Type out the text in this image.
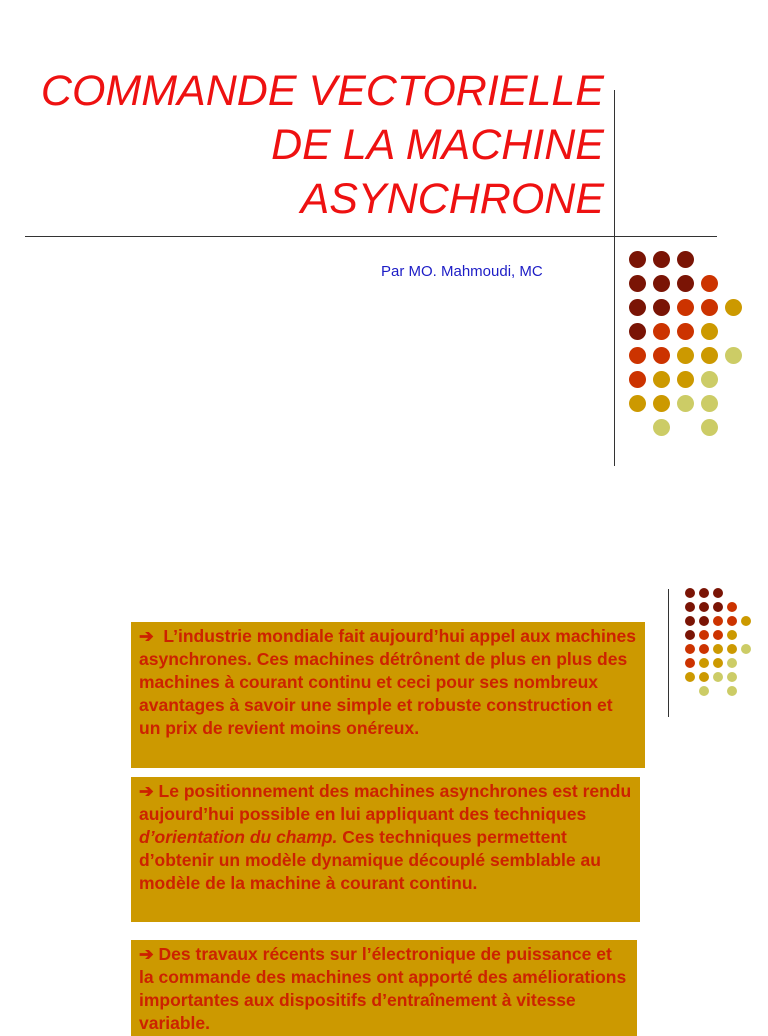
COMMANDE VECTORIELLE
DE LA MACHINE
ASYNCHRONE
Par MO. Mahmoudi, MC
➔ L’industrie mondiale fait aujourd’hui appel aux machines asynchrones. Ces machines détrônent de plus en plus des machines à courant continu et ceci pour ses nombreux avantages à savoir une simple et robuste construction et un prix de revient moins onéreux.
➔ Le positionnement des machines asynchrones est rendu aujourd’hui possible en lui appliquant des techniques d’orientation du champ. Ces techniques permettent d’obtenir un modèle dynamique découplé semblable au modèle de la machine à courant continu.
➔ Des travaux récents sur l’électronique de puissance et la commande des machines ont apporté des améliorations importantes aux dispositifs d’entraînement à vitesse variable.
